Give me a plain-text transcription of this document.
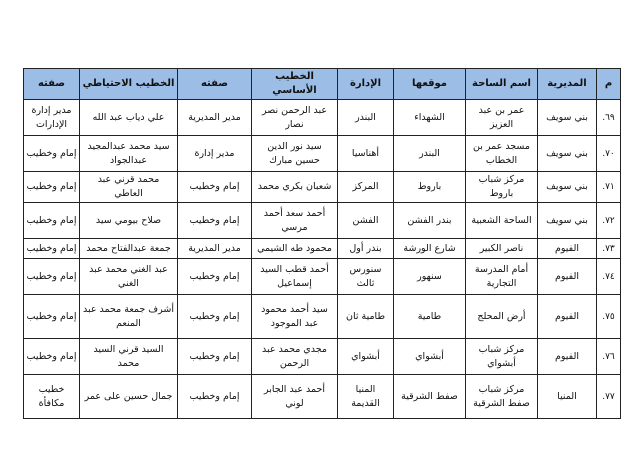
م	المديرية	اسم الساحة	موقعها	الإدارة	الخطيب الأساسي	صفته	الخطيب الاحتياطي	صفته
٦٩.	بني سويف	عمر بن عبد العزيز	الشهداء	البندر	عبد الرحمن نصر نصار	مدير المديرية	علي دياب عبد الله	مدير إدارة الإدارات
٧٠.	بني سويف	مسجد عمر بن الخطاب	البندر	أهناسيا	سيد نور الدين حسين مبارك	مدير إدارة	سيد محمد عبدالمجيد عبدالجواد	إمام وخطيب
٧١.	بني سويف	مركز شباب باروط	باروط	المركز	شعبان بكري محمد	إمام وخطيب	محمد قرني عبد العاطي	إمام وخطيب
٧٢.	بني سويف	الساحة الشعبية	بندر الفشن	الفشن	أحمد سعد أحمد مرسي	إمام وخطيب	صلاح بيومي سيد	إمام وخطيب
٧٣.	الفيوم	ناصر الكبير	شارع الورشة	بندر أول	محمود طه الشيمي	مدير المديرية	جمعة عبدالفتاح محمد	إمام وخطيب
٧٤.	الفيوم	أمام المدرسة التجارية	سنهور	سنورس ثالث	أحمد قطب السيد إسماعيل	إمام وخطيب	عبد الغني محمد عبد الغني	إمام وخطيب
٧٥.	الفيوم	أرض المحلج	طامية	طامية ثان	سيد أحمد محمود عبد الموجود	إمام وخطيب	أشرف جمعة محمد عبد المنعم	إمام وخطيب
٧٦.	الفيوم	مركز شباب أبشواي	أبشواي	أبشواي	مجدي محمد عبد الرحمن	إمام وخطيب	السيد قرني السيد محمد	إمام وخطيب
٧٧.	المنيا	مركز شباب صفط الشرقية	صفط الشرقية	المنيا القديمة	أحمد عبد الجابر لوني	إمام وخطيب	جمال حسين على عمر	خطيب مكافأة
